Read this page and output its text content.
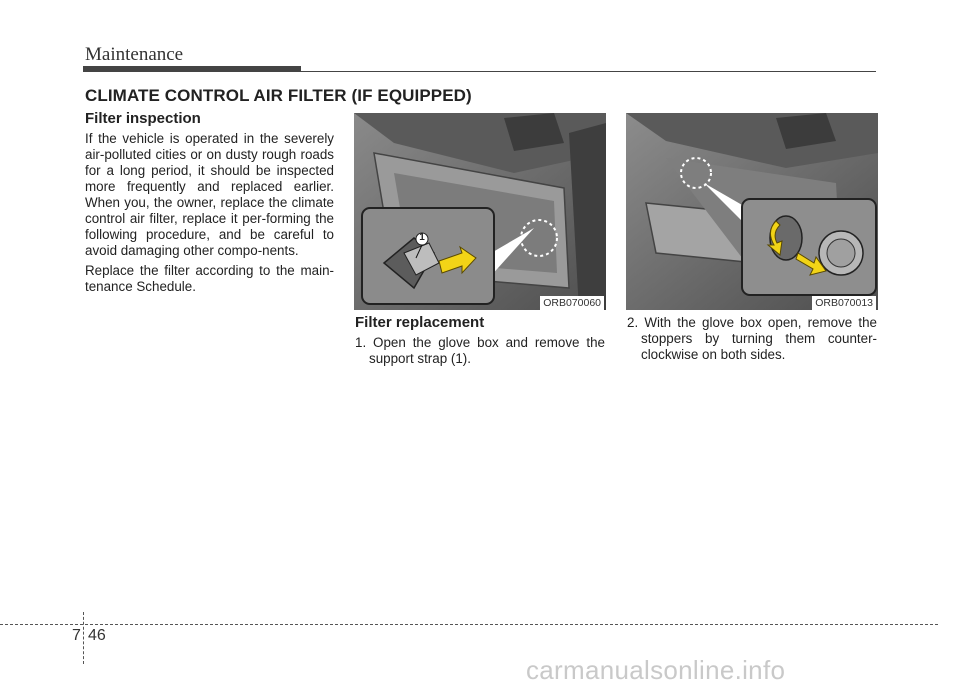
Maintenance
CLIMATE CONTROL AIR FILTER (IF EQUIPPED)
Filter inspection

If the vehicle is operated in the severely air-polluted cities or on dusty rough roads for a long period, it should be inspected more frequently and replaced earlier. When you, the owner, replace the climate control air filter, replace it per-forming the following procedure, and be careful to avoid damaging other compo-nents.

Replace the filter according to the main-tenance Schedule.

1
ORB070060	ORB070013
Filter replacement

1. Open the glove box and remove the support strap (1).

2. With the glove box open, remove the stoppers by turning them counter-clockwise on both sides.

7 46
carmanualsonline.info
